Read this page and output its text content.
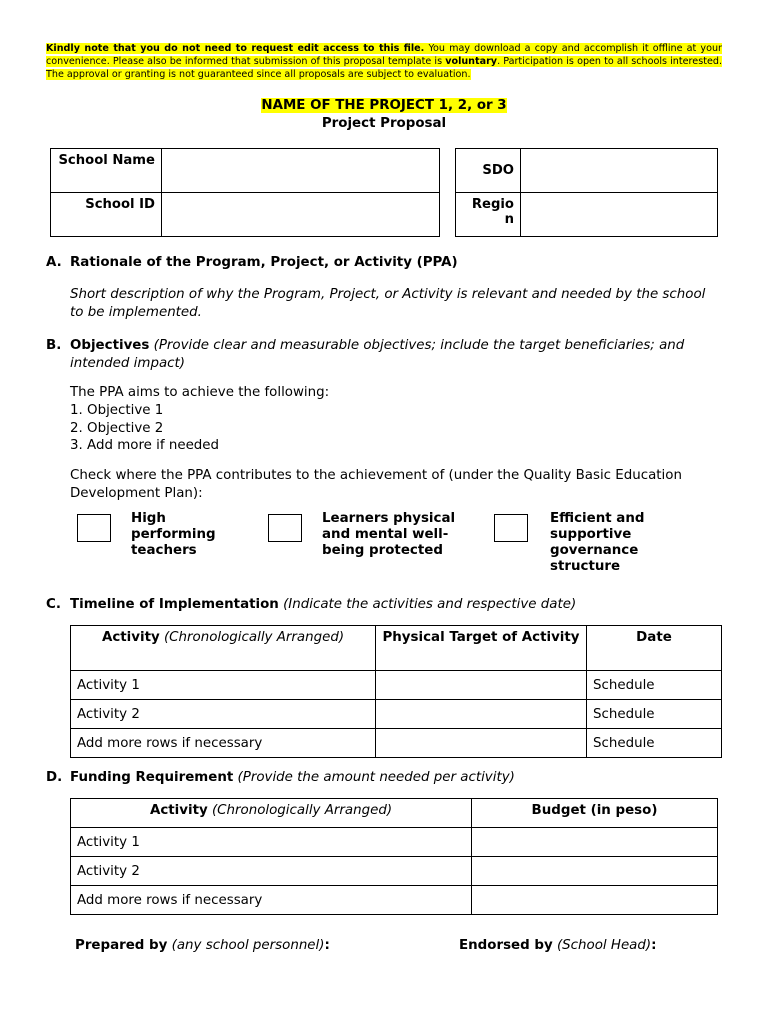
Kindly note that you do not need to request edit access to this file. You may download a copy and accomplish it offline at your convenience. Please also be informed that submission of this proposal template is voluntary. Participation is open to all schools interested. The approval or granting is not guaranteed since all proposals are subject to evaluation.
NAME OF THE PROJECT 1, 2, or 3
Project Proposal
School Name	
School ID	
SDO	
Regio n	
A. Rationale of the Program, Project, or Activity (PPA)
Short description of why the Program, Project, or Activity is relevant and needed by the school to be implemented.
B. Objectives (Provide clear and measurable objectives; include the target beneficiaries; and intended impact)
The PPA aims to achieve the following:
1. Objective 1
2. Objective 2
3. Add more if needed
Check where the PPA contributes to the achievement of (under the Quality Basic Education Development Plan):
High performing teachers
Learners physical and mental well-being protected
Efficient and supportive governance structure
C. Timeline of Implementation (Indicate the activities and respective date)
Activity (Chronologically Arranged)	Physical Target of Activity	Date
Activity 1		Schedule
Activity 2		Schedule
Add more rows if necessary		Schedule
D. Funding Requirement (Provide the amount needed per activity)
Activity (Chronologically Arranged)	Budget (in peso)
Activity 1	
Activity 2	
Add more rows if necessary	
Prepared by (any school personnel):	Endorsed by (School Head):
